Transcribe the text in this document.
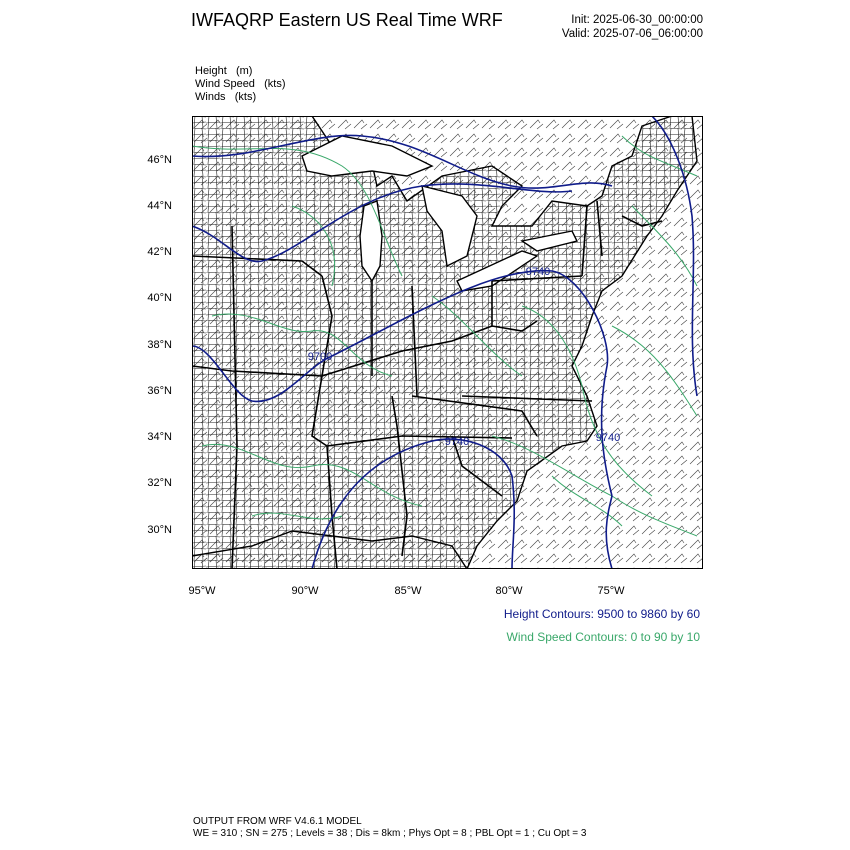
IWFAQRP Eastern US Real Time WRF	Init: 2025-06-30_00:00:00
Valid: 2025-07-06_06:00:00
Height   (m)
Wind Speed   (kts)
Winds   (kts)
9740
9700
9740	9740
46°N
44°N
42°N
40°N
38°N
36°N
34°N
32°N
30°N
95°W	90°W	85°W	80°W	75°W
Height Contours: 9500 to 9860 by 60
Wind Speed Contours: 0 to 90 by 10
OUTPUT FROM WRF V4.6.1 MODEL
WE = 310 ; SN = 275 ; Levels = 38 ; Dis = 8km ; Phys Opt = 8 ; PBL Opt = 1 ; Cu Opt = 3
